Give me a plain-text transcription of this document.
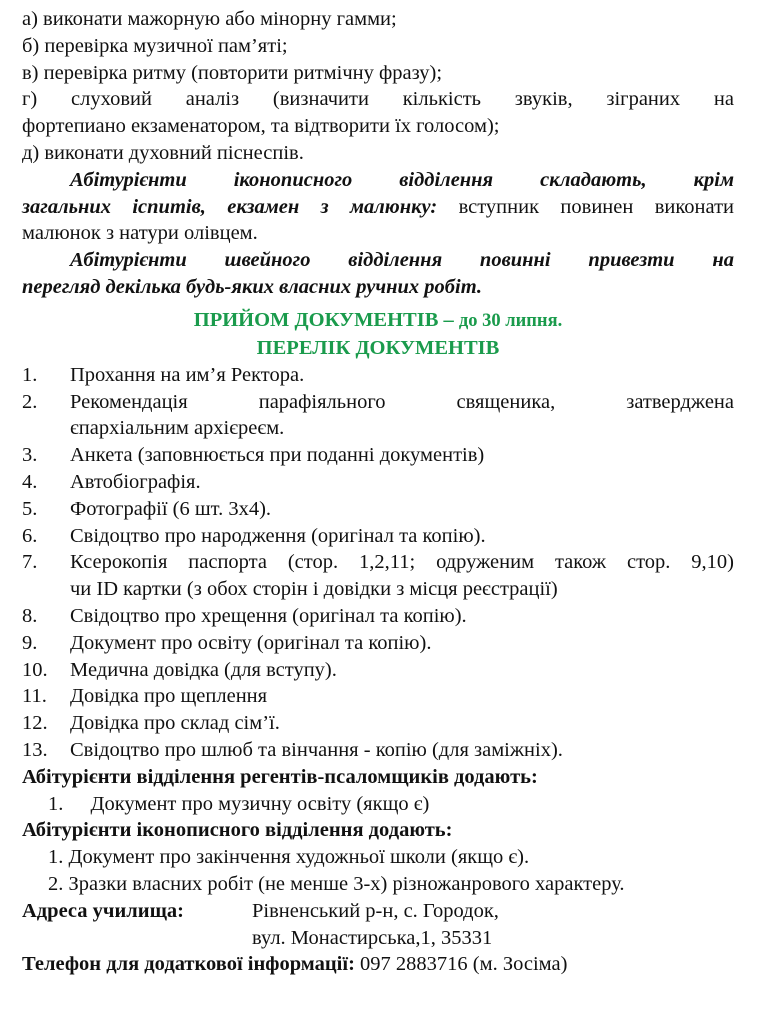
а) виконати мажорную або мінорну гамми;
б) перевірка музичної пам’яті;
в) перевірка ритму (повторити ритмічну фразу);
г) слуховий аналіз (визначити кількість звуків, зіграних на
фортепиано екзаменатором, та відтворити їх голосом);
д) виконати духовний піснеспів.
Абітурієнти іконописного відділення складають, крім
загальних іспитів, екзамен з малюнку: вступник повинен виконати
малюнок з натури олівцем.
Абітурієнти швейного відділення повинні привезти на
перегляд декілька будь-яких власних ручних робіт.
ПРИЙОМ ДОКУМЕНТІВ – до 30 липня.
ПЕРЕЛІК ДОКУМЕНТІВ
1. Прохання на им’я Ректора.
2. Рекомендація парафіяльного священика, затверджена
єпархіальним архієреєм.
3. Анкета (заповнюється при поданні документів)
4. Автобіографія.
5. Фотографії (6 шт. 3х4).
6. Свідоцтво про народження (оригінал та копію).
7. Ксерокопія паспорта (стор. 1,2,11; одруженим також стор. 9,10)
чи ID картки (з обох сторін і довідки з місця реєстрації)
8. Свідоцтво про хрещення (оригінал та копію).
9. Документ про освіту (оригінал та копію).
10. Медична довідка (для вступу).
11. Довідка про щеплення
12. Довідка про склад сім’ї.
13. Свідоцтво про шлюб та вінчання - копію (для заміжніх).
Абітурієнти відділення регентів-псаломщиків додають:
1. Документ про музичну освіту (якщо є)
Абітурієнти іконописного відділення додають:
1. Документ про закінчення художньої школи (якщо є).
2. Зразки власних робіт (не менше 3-х) різножанрового характеру.
Адреса училища:	Рівненський р-н, с. Городок,
вул. Монастирська,1, 35331
Телефон для додаткової інформації: 097 2883716 (м. Зосіма)
